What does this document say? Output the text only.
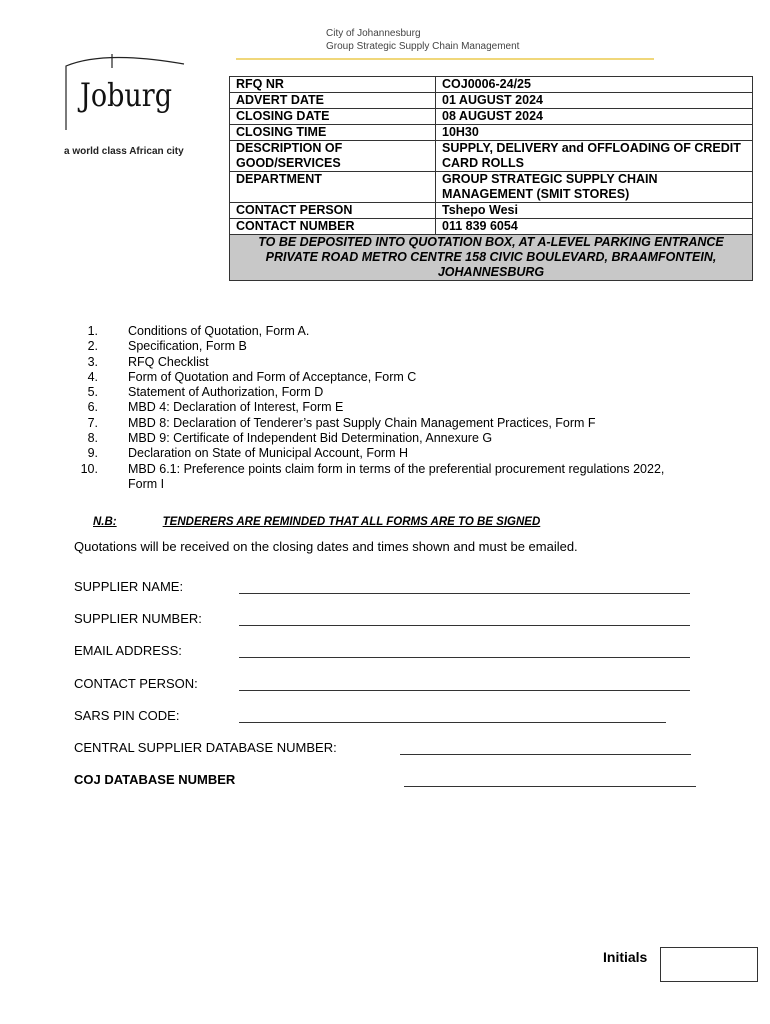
City of Johannesburg
Group Strategic Supply Chain Management
Joburg
a world class African city
RFQ NR	COJ0006-24/25
ADVERT DATE	01 AUGUST 2024
CLOSING DATE	08 AUGUST 2024
CLOSING TIME	10H30
DESCRIPTION OF GOOD/SERVICES	SUPPLY, DELIVERY and OFFLOADING OF CREDIT CARD ROLLS
DEPARTMENT	GROUP STRATEGIC SUPPLY CHAIN MANAGEMENT (SMIT STORES)
CONTACT PERSON	Tshepo Wesi
CONTACT NUMBER	011 839 6054
TO BE DEPOSITED INTO QUOTATION BOX, AT A-LEVEL PARKING ENTRANCE PRIVATE ROAD METRO CENTRE 158 CIVIC BOULEVARD, BRAAMFONTEIN, JOHANNESBURG	
1. Conditions of Quotation, Form A.
2. Specification, Form B
3. RFQ Checklist
4. Form of Quotation and Form of Acceptance, Form C
5. Statement of Authorization, Form D
6. MBD 4: Declaration of Interest, Form E
7. MBD 8: Declaration of Tenderer’s past Supply Chain Management Practices, Form F
8. MBD 9: Certificate of Independent Bid Determination, Annexure G
9. Declaration on State of Municipal Account, Form H
10. MBD 6.1: Preference points claim form in terms of the preferential procurement regulations 2022, Form I
N.B:	TENDERERS ARE REMINDED THAT ALL FORMS ARE TO BE SIGNED
Quotations will be received on the closing dates and times shown and must be emailed.
SUPPLIER NAME:
SUPPLIER NUMBER:
EMAIL ADDRESS:
CONTACT PERSON:
SARS PIN CODE:
CENTRAL SUPPLIER DATABASE NUMBER:
COJ DATABASE NUMBER
Initials
